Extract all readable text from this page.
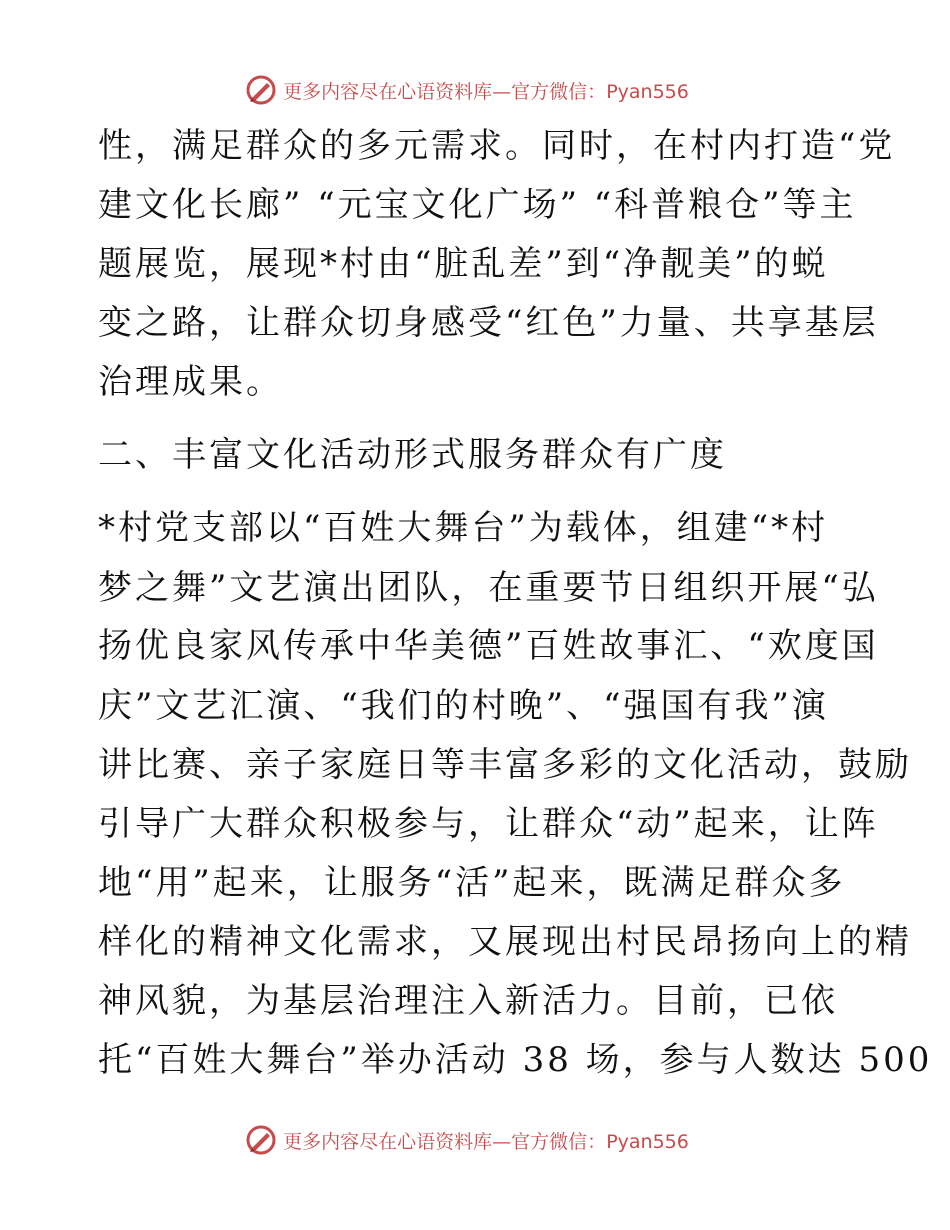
更多内容尽在心语资料库—官方微信：Pyan556
性，满足群众的多元需求。同时，在村内打造“党
建文化长廊” “元宝文化广场” “科普粮仓”等主
题展览，展现*村由“脏乱差”到“净靓美”的蜕
变之路，让群众切身感受“红色”力量、共享基层
治理成果。
二、丰富文化活动形式服务群众有广度
*村党支部以“百姓大舞台”为载体，组建“*村
梦之舞”文艺演出团队，在重要节日组织开展“弘
扬优良家风传承中华美德”百姓故事汇、“欢度国
庆”文艺汇演、“我们的村晚”、“强国有我”演
讲比赛、亲子家庭日等丰富多彩的文化活动，鼓励
引导广大群众积极参与，让群众“动”起来，让阵
地“用”起来，让服务“活”起来，既满足群众多
样化的精神文化需求，又展现出村民昂扬向上的精
神风貌，为基层治理注入新活力。目前，已依
托“百姓大舞台”举办活动 38 场，参与人数达 500
更多内容尽在心语资料库—官方微信：Pyan556
